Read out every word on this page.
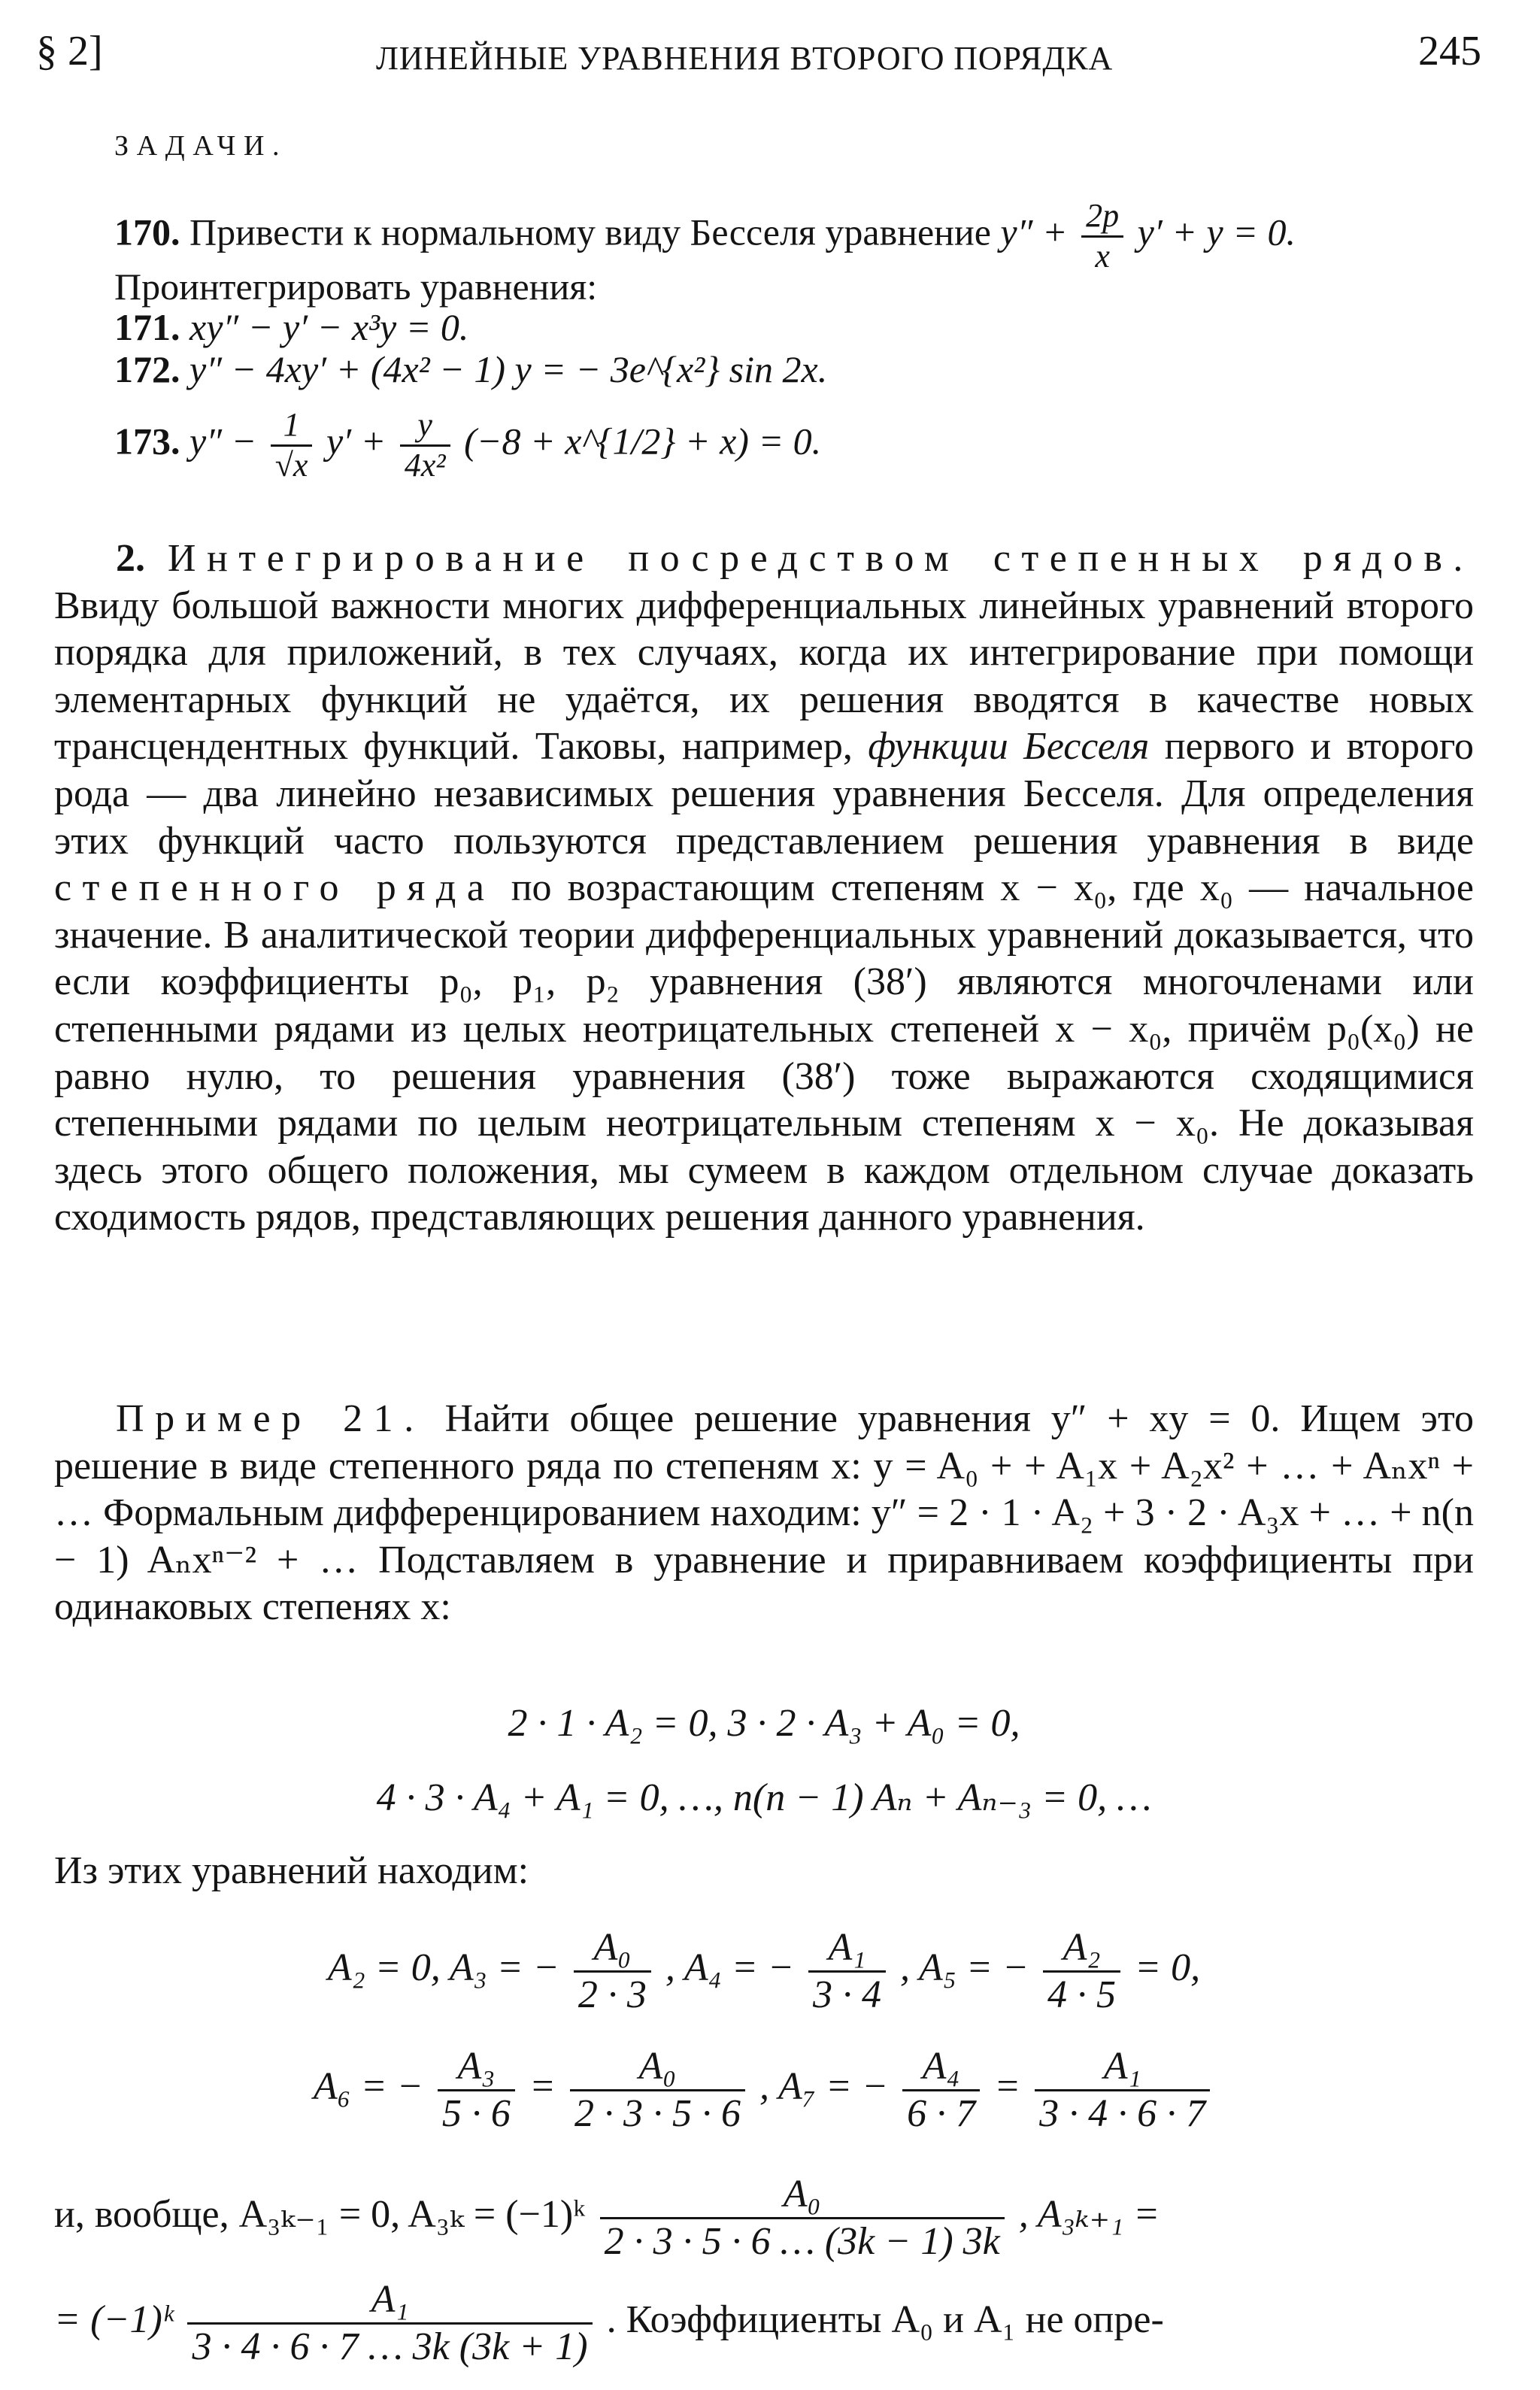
§ 2]	ЛИНЕЙНЫЕ УРАВНЕНИЯ ВТОРОГО ПОРЯДКА	245
ЗАДАЧИ.
170. Привести к нормальному виду Бесселя уравнение $y'' + \frac{2p}{x} y' + y = 0$.
Проинтегрировать уравнения:
171. xy″ − y′ − x³y = 0.
172. y″ − 4xy′ + (4x² − 1) y = − 3e^{x²} sin 2x.
173. $y'' - \frac{1}{√x} y' + \frac{y}{\text{4x²}} (-8$ + x^{1/2} + x) = 0.

2. Интегрирование посредством степенных рядов. Ввиду большой важности многих дифференциальных линейных уравнений второго порядка для приложений, в тех случаях, когда их интегрирование при помощи элементарных функций не удаётся, их решения вводятся в качестве новых трансцендентных функций. Таковы, например, функции Бесселя первого и второго рода — два линейно независимых решения уравнения Бесселя. Для определения этих функций часто пользуются представлением решения уравнения в виде степенного ряда по возрастающим степеням x − x₀, где x₀ — начальное значение. В аналитической теории дифференциальных уравнений доказывается, что если коэффициенты p₀, p₁, p₂ уравнения (38′) являются многочленами или степенными рядами из целых неотрицательных степеней x − x₀, причём p₀(x₀) не равно нулю, то решения уравнения (38′) тоже выражаются сходящимися степенными рядами по целым неотрицательным степеням x − x₀. Не доказывая здесь этого общего положения, мы сумеем в каждом отдельном случае доказать сходимость рядов, представляющих решения данного уравнения.

Пример 21. Найти общее решение уравнения y″ + xy = 0. Ищем это решение в виде степенного ряда по степеням x: y = A₀ + + A₁x + A₂x² + … + Aₙxⁿ + … Формальным дифференцированием находим: y″ = 2 · 1 · A₂ + 3 · 2 · A₃x + … + n(n − 1) Aₙxⁿ⁻² + … Подставляем в уравнение и приравниваем коэффициенты при одинаковых степенях x:

2 · 1 · A₂ = 0, 3 · 2 · A₃ + A₀ = 0,
4 · 3 · A₄ + A₁ = 0, …, n(n − 1) Aₙ + Aₙ₋₃ = 0, …
Из этих уравнений находим:
A₂ = 0, A₃ = − $\frac{\text{A₀}}{2 \cdot 3}$ , A₄ = − $\frac{\text{A₁}}{3 \cdot 4}$ , A₅ = − $\frac{\text{A₂}}{4 \cdot 5} = 0$,
A₆ = − $\frac{\text{A₃}}{5 \cdot 6} = \frac{\text{A₀}}{2 \cdot 3 \cdot 5 \cdot 6}$ , A₇ = − $\frac{\text{A₄}}{6 \cdot 7} = \frac{\text{A₁}}{3 \cdot 4 \cdot 6 \cdot 7}$
и, вообще, A₃ₖ₋₁ = 0, A₃ₖ = (−1)ᵏ $\frac{\text{A₀}}{2 \cdot 3 \cdot 5 \cdot 6 \dots (3k - 1) 3k}$ , A₃ₖ₊₁ =
= (−1)ᵏ $\frac{\text{A₁}}{3 \cdot 4 \cdot 6 \cdot 7 \dots 3k (3k + 1)}$ . Коэффициенты A₀ и A₁ не опре-
